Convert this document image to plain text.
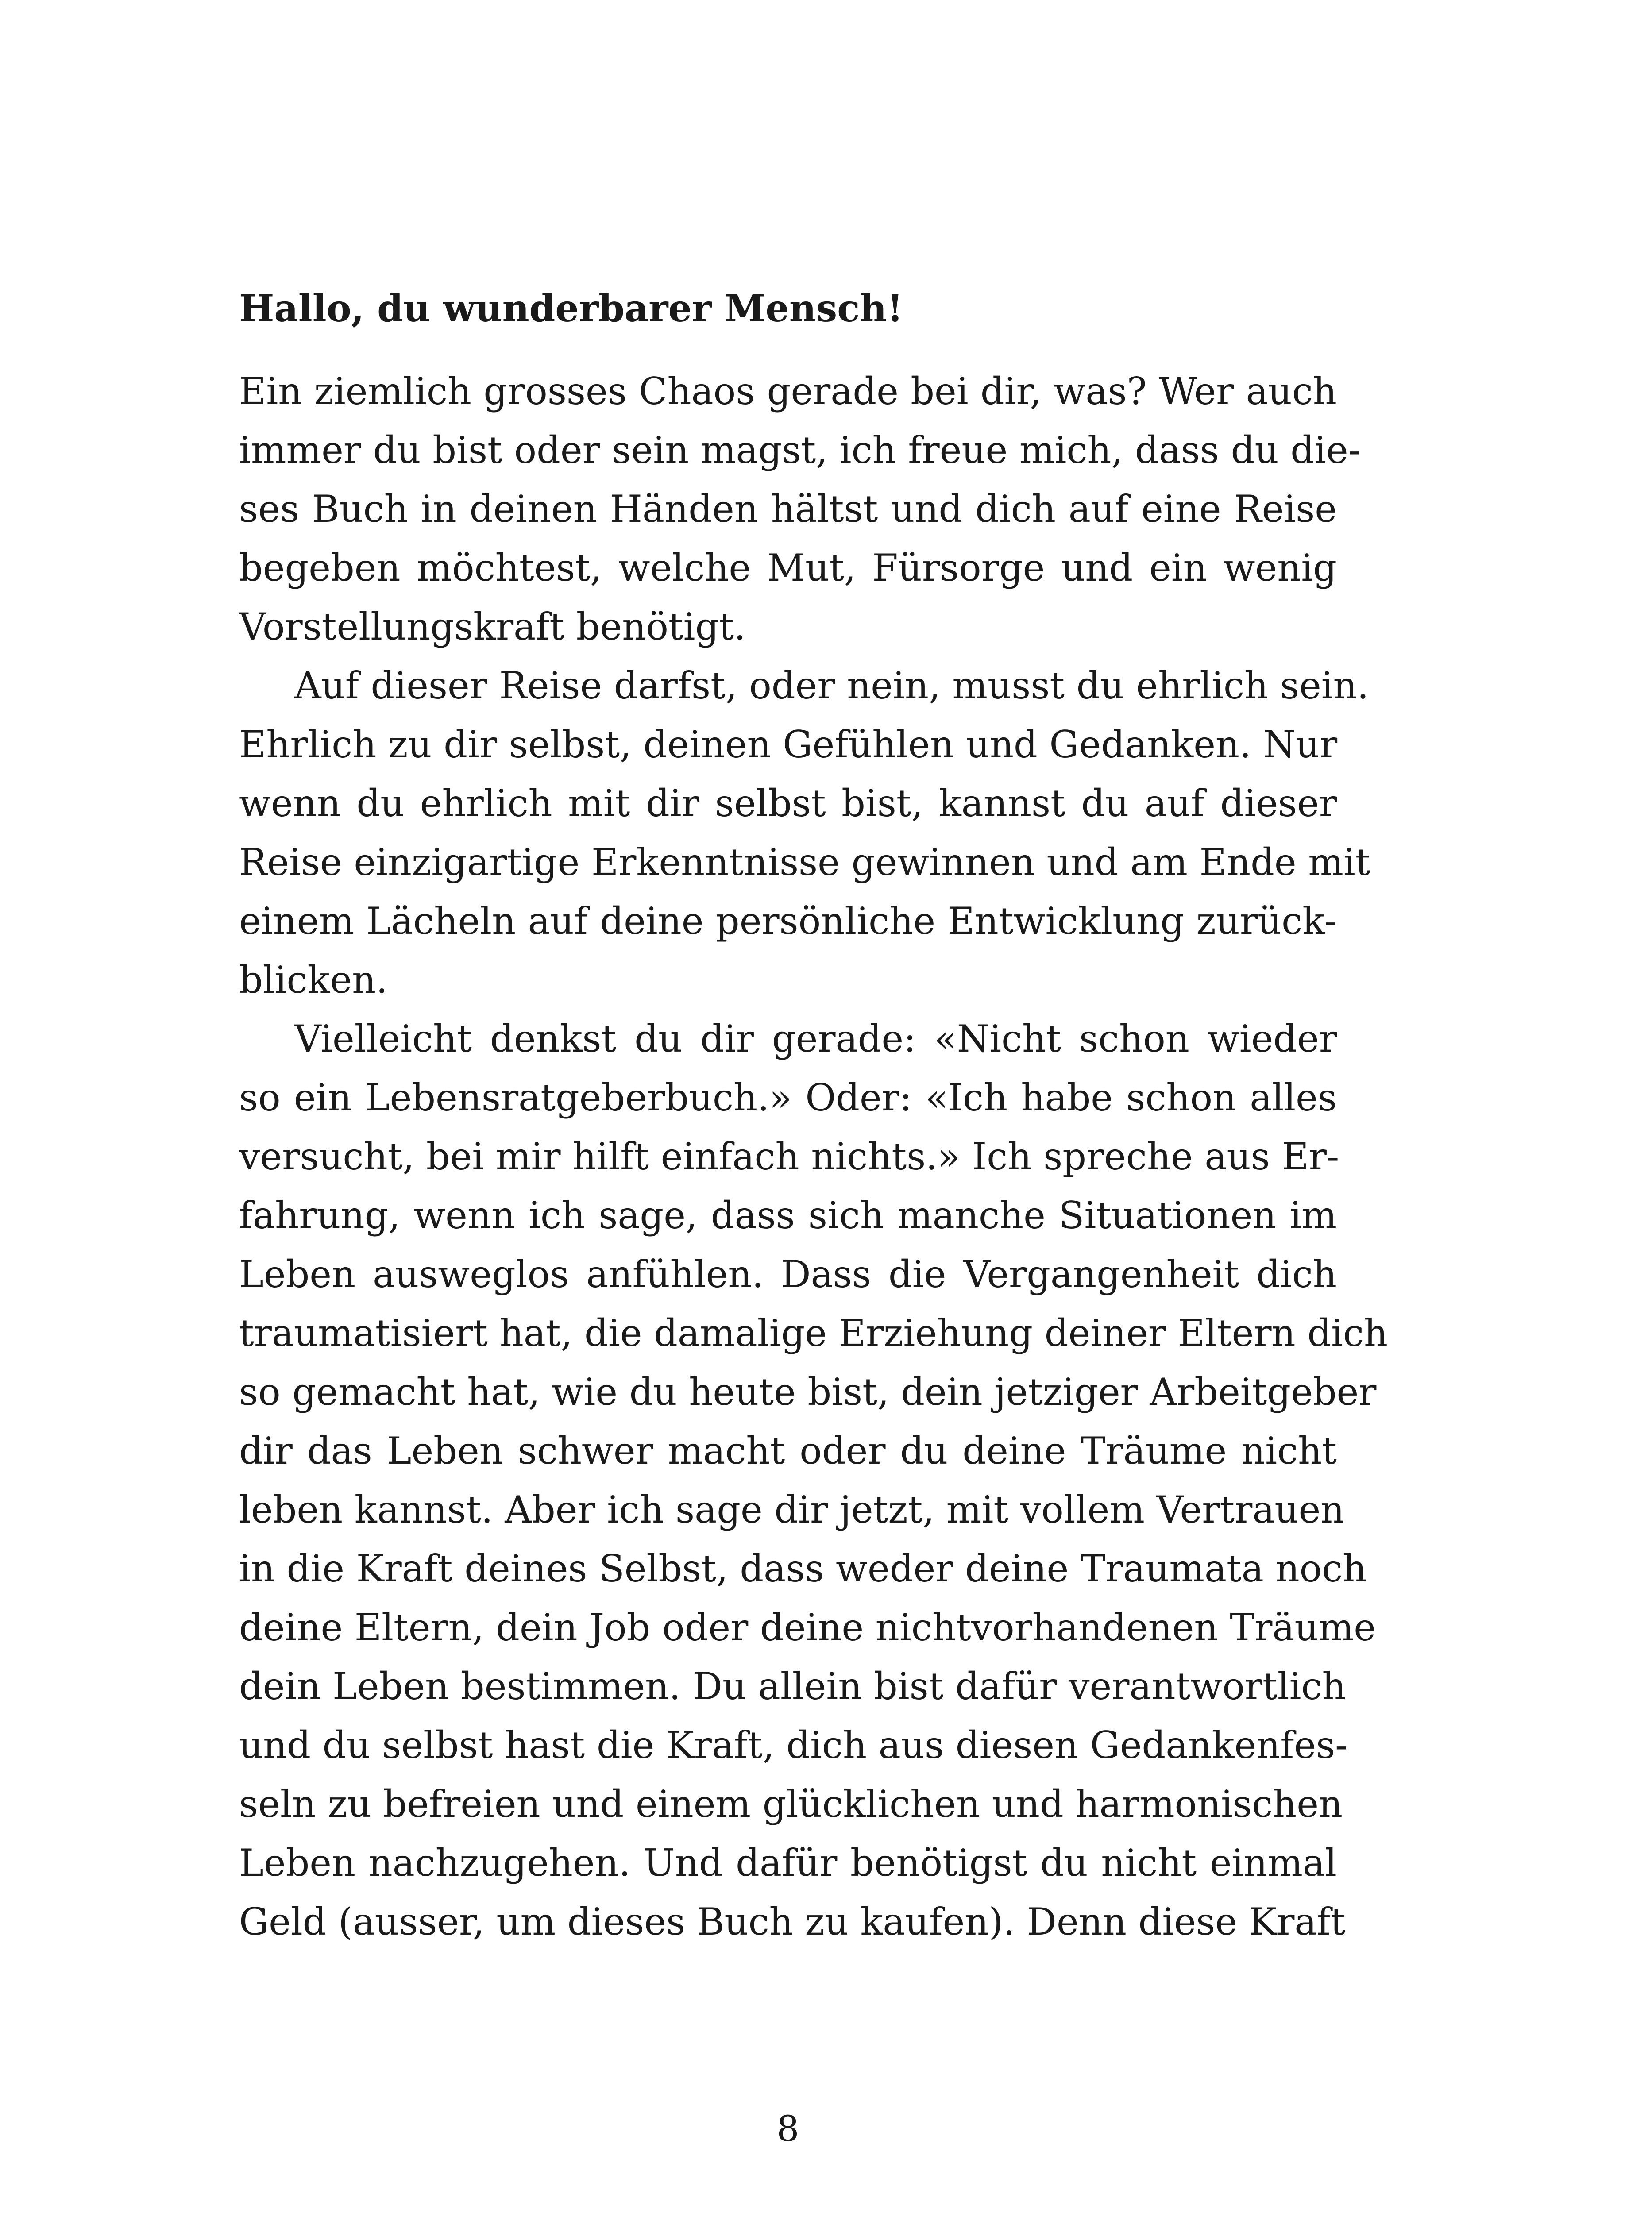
Hallo, du wunderbarer Mensch!
Ein ziemlich grosses Chaos gerade bei dir, was? Wer auch
immer du bist oder sein magst, ich freue mich, dass du die-
ses Buch in deinen Händen hältst und dich auf eine Reise
begeben möchtest, welche Mut, Fürsorge und ein wenig
Vorstellungskraft benötigt.
Auf dieser Reise darfst, oder nein, musst du ehrlich sein.
Ehrlich zu dir selbst, deinen Gefühlen und Gedanken. Nur
wenn du ehrlich mit dir selbst bist, kannst du auf dieser
Reise einzigartige Erkenntnisse gewinnen und am Ende mit
einem Lächeln auf deine persönliche Entwicklung zurück-
blicken.
Vielleicht denkst du dir gerade: «Nicht schon wieder
so ein Lebensratgeberbuch.» Oder: «Ich habe schon alles
versucht, bei mir hilft einfach nichts.» Ich spreche aus Er-
fahrung, wenn ich sage, dass sich manche Situationen im
Leben ausweglos anfühlen. Dass die Vergangenheit dich
traumatisiert hat, die damalige Erziehung deiner Eltern dich
so gemacht hat, wie du heute bist, dein jetziger Arbeitgeber
dir das Leben schwer macht oder du deine Träume nicht
leben kannst. Aber ich sage dir jetzt, mit vollem Vertrauen
in die Kraft deines Selbst, dass weder deine Traumata noch
deine Eltern, dein Job oder deine nichtvorhandenen Träume
dein Leben bestimmen. Du allein bist dafür verantwortlich
und du selbst hast die Kraft, dich aus diesen Gedankenfes-
seln zu befreien und einem glücklichen und harmonischen
Leben nachzugehen. Und dafür benötigst du nicht einmal
Geld (ausser, um dieses Buch zu kaufen). Denn diese Kraft
8
